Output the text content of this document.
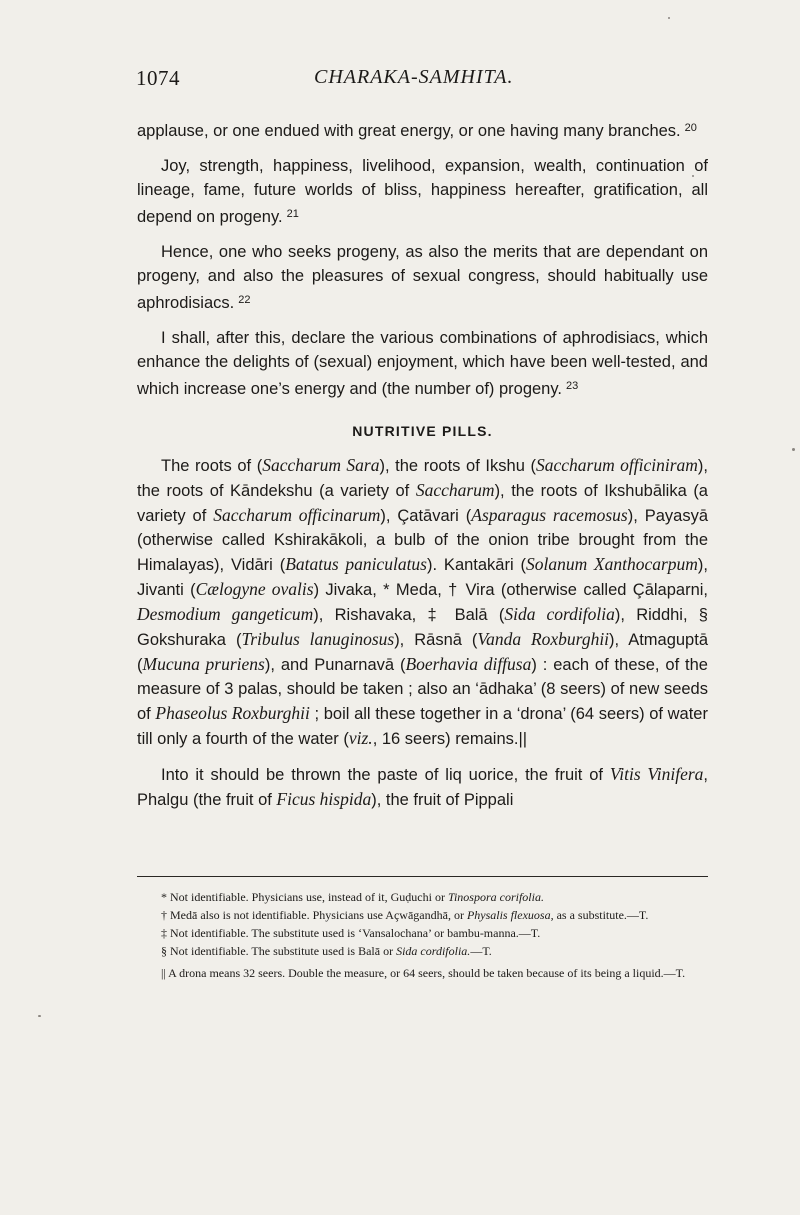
1074	CHARAKA-SAMHITA.

applause, or one endued with great energy, or one having many branches. $^{20}$

Joy, strength, happiness, livelihood, expansion, wealth, continuation of lineage, fame, future worlds of bliss, happiness hereafter, gratification, all depend on progeny. $^{21}$

Hence, one who seeks progeny, as also the merits that are dependant on progeny, and also the pleasures of sexual congress, should habitually use aphrodisiacs. $^{22}$

I shall, after this, declare the various combinations of aphrodisiacs, which enhance the delights of (sexual) enjoyment, which have been well-tested, and which increase one’s energy and (the number of) progeny. $^{23}$

NUTRITIVE PILLS.

The roots of (Saccharum Sara), the roots of Ikshu (Saccharum officiniram), the roots of Kāndekshu (a variety of Saccharum), the roots of Ikshubālika (a variety of Saccharum officinarum), Çatāvari (Asparagus racemosus), Payasyā (otherwise called Kshirakākoli, a bulb of the onion tribe brought from the Himalayas), Vidāri (Batatus paniculatus). Kantakāri (Solanum Xanthocarpum), Jivanti (Cælogyne ovalis) Jivaka, * Meda, † Vira (otherwise called Çālaparni, Desmodium gangeticum), Rishavaka, ‡ Balā (Sida cordifolia), Riddhi, § Gokshuraka (Tribulus lanuginosus), Rāsnā (Vanda Roxburghii), Atmaguptā (Mucuna pruriens), and Punarnavā (Boerhavia diffusa) : each of these, of the measure of 3 palas, should be taken ; also an ‘ādhaka’ (8 seers) of new seeds of Phaseolus Roxburghii ; boil all these together in a ‘drona’ (64 seers) of water till only a fourth of the water (viz., 16 seers) remains.||

Into it should be thrown the paste of liq uorice, the fruit of Vitis Vinifera, Phalgu (the fruit of Ficus hispida), the fruit of Pippali

* Not identifiable. Physicians use, instead of it, Guḍuchi or Tinospora corifolia.

† Medā also is not identifiable. Physicians use Açwāgandhā, or Physalis flexuosa, as a substitute.—T.

‡ Not identifiable. The substitute used is ‘Vansalochana’ or bambu-manna.—T.

§ Not identifiable. The substitute used is Balā or Sida cordifolia.—T.

|| A drona means 32 seers. Double the measure, or 64 seers, should be taken because of its being a liquid.—T.
